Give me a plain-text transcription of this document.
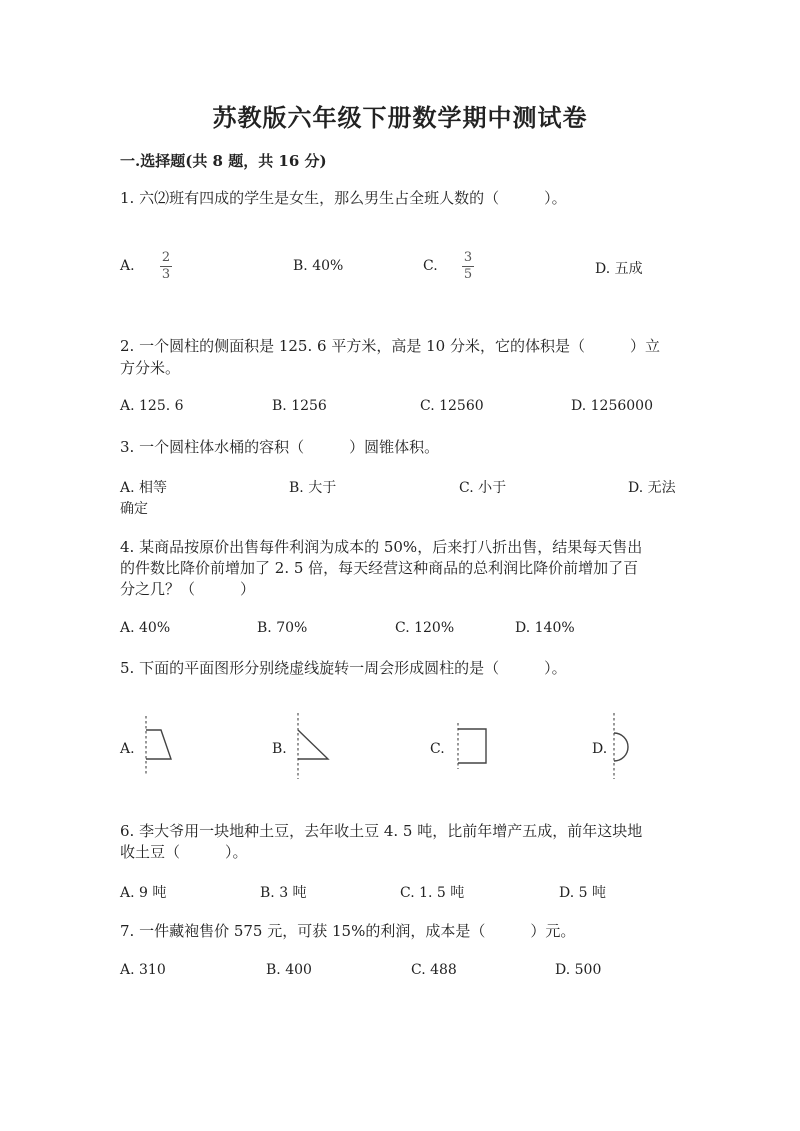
苏教版六年级下册数学期中测试卷
一.选择题(共 8 题，共 16 分)
1. 六⑵班有四成的学生是女生，那么男生占全班人数的（　　　）。
A.
2
3
B. 40%	C.
3
5	D. 五成
2. 一个圆柱的侧面积是 125. 6 平方米，高是 10 分米，它的体积是（　　　）立
方分米。
A. 125. 6	B. 1256	C. 12560	D. 1256000
3. 一个圆柱体水桶的容积（　　　）圆锥体积。
A. 相等	B. 大于	C. 小于	D. 无法
确定
4. 某商品按原价出售每件利润为成本的 50%，后来打八折出售，结果每天售出
的件数比降价前增加了 2. 5 倍，每天经营这种商品的总利润比降价前增加了百
分之几？（　　　）
A. 40%	B. 70%	C. 120%	D. 140%
5. 下面的平面图形分别绕虚线旋转一周会形成圆柱的是（　　　）。
A.	B.	C.	D.
6. 李大爷用一块地种土豆，去年收土豆 4. 5 吨，比前年增产五成，前年这块地
收土豆（　　　）。
A. 9 吨	B. 3 吨	C. 1. 5 吨	D. 5 吨
7. 一件藏袍售价 575 元，可获 15%的利润，成本是（　　　）元。
A. 310	B. 400	C. 488	D. 500
